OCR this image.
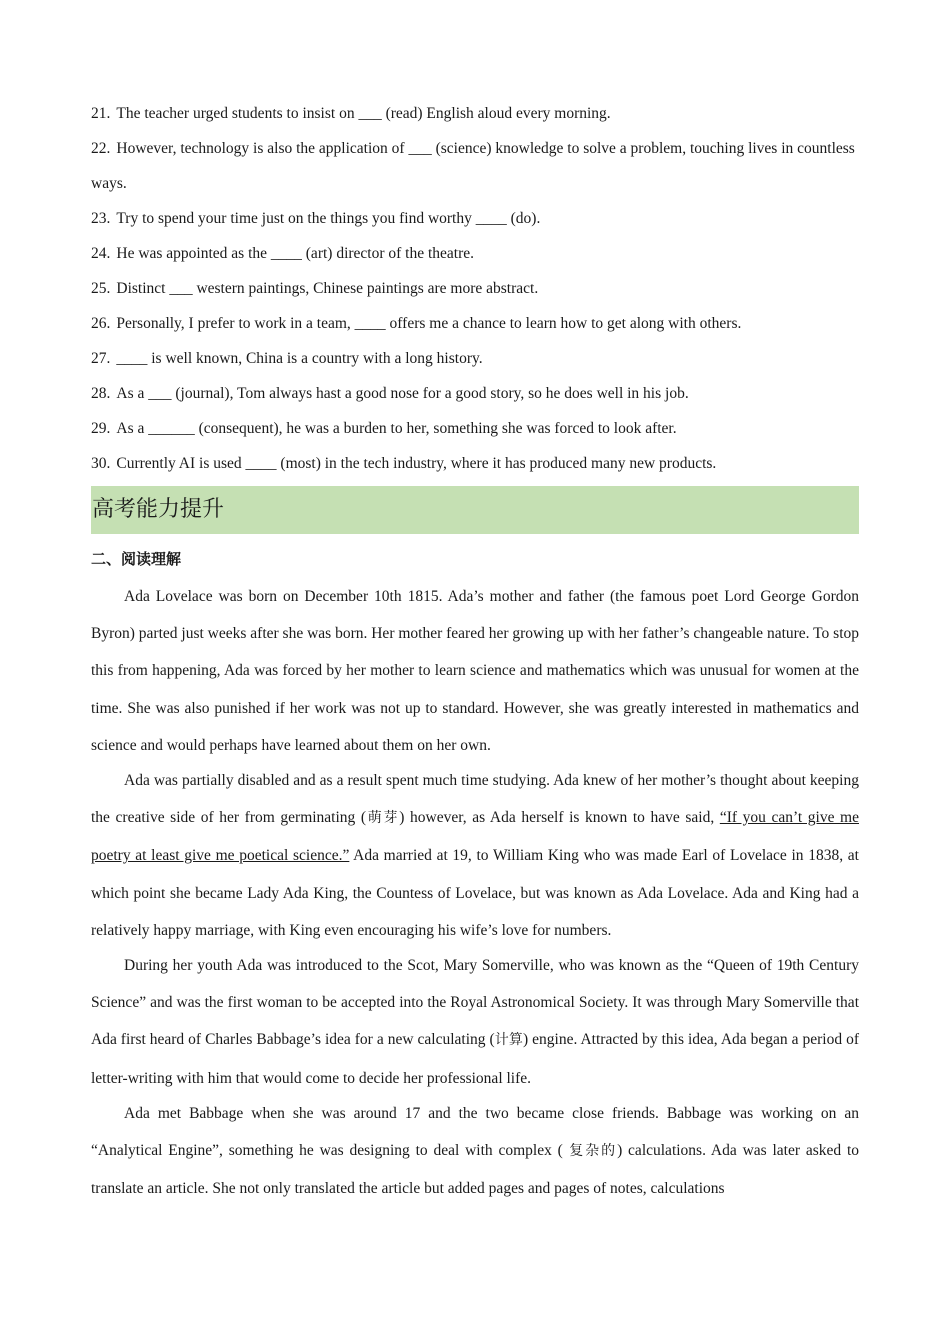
21. The teacher urged students to insist on ___ (read) English aloud every morning.

22. However, technology is also the application of ___ (science) knowledge to solve a problem, touching lives in countless ways.

23. Try to spend your time just on the things you find worthy ____ (do).

24. He was appointed as the ____ (art) director of the theatre.

25. Distinct ___ western paintings, Chinese paintings are more abstract.

26. Personally, I prefer to work in a team, ____ offers me a chance to learn how to get along with others.

27. ____ is well known, China is a country with a long history.

28. As a ___ (journal), Tom always hast a good nose for a good story, so he does well in his job.

29. As a ______ (consequent), he was a burden to her, something she was forced to look after.

30. Currently AI is used ____ (most) in the tech industry, where it has produced many new products.

高考能力提升

二、阅读理解

Ada Lovelace was born on December 10th 1815. Ada’s mother and father (the famous poet Lord George Gordon Byron) parted just weeks after she was born. Her mother feared her growing up with her father’s changeable nature. To stop this from happening, Ada was forced by her mother to learn science and mathematics which was unusual for women at the time. She was also punished if her work was not up to standard. However, she was greatly interested in mathematics and science and would perhaps have learned about them on her own.

Ada was partially disabled and as a result spent much time studying. Ada knew of her mother’s thought about keeping the creative side of her from germinating (萌芽) however, as Ada herself is known to have said, “If you can’t give me poetry at least give me poetical science.” Ada married at 19, to William King who was made Earl of Lovelace in 1838, at which point she became Lady Ada King, the Countess of Lovelace, but was known as Ada Lovelace. Ada and King had a relatively happy marriage, with King even encouraging his wife’s love for numbers.

During her youth Ada was introduced to the Scot, Mary Somerville, who was known as the “Queen of 19th Century Science” and was the first woman to be accepted into the Royal Astronomical Society. It was through Mary Somerville that Ada first heard of Charles Babbage’s idea for a new calculating (计算) engine. Attracted by this idea, Ada began a period of letter-writing with him that would come to decide her professional life.

Ada met Babbage when she was around 17 and the two became close friends. Babbage was working on an “Analytical Engine”, something he was designing to deal with complex ( 复杂的) calculations. Ada was later asked to translate an article. She not only translated the article but added pages and pages of notes, calculations
